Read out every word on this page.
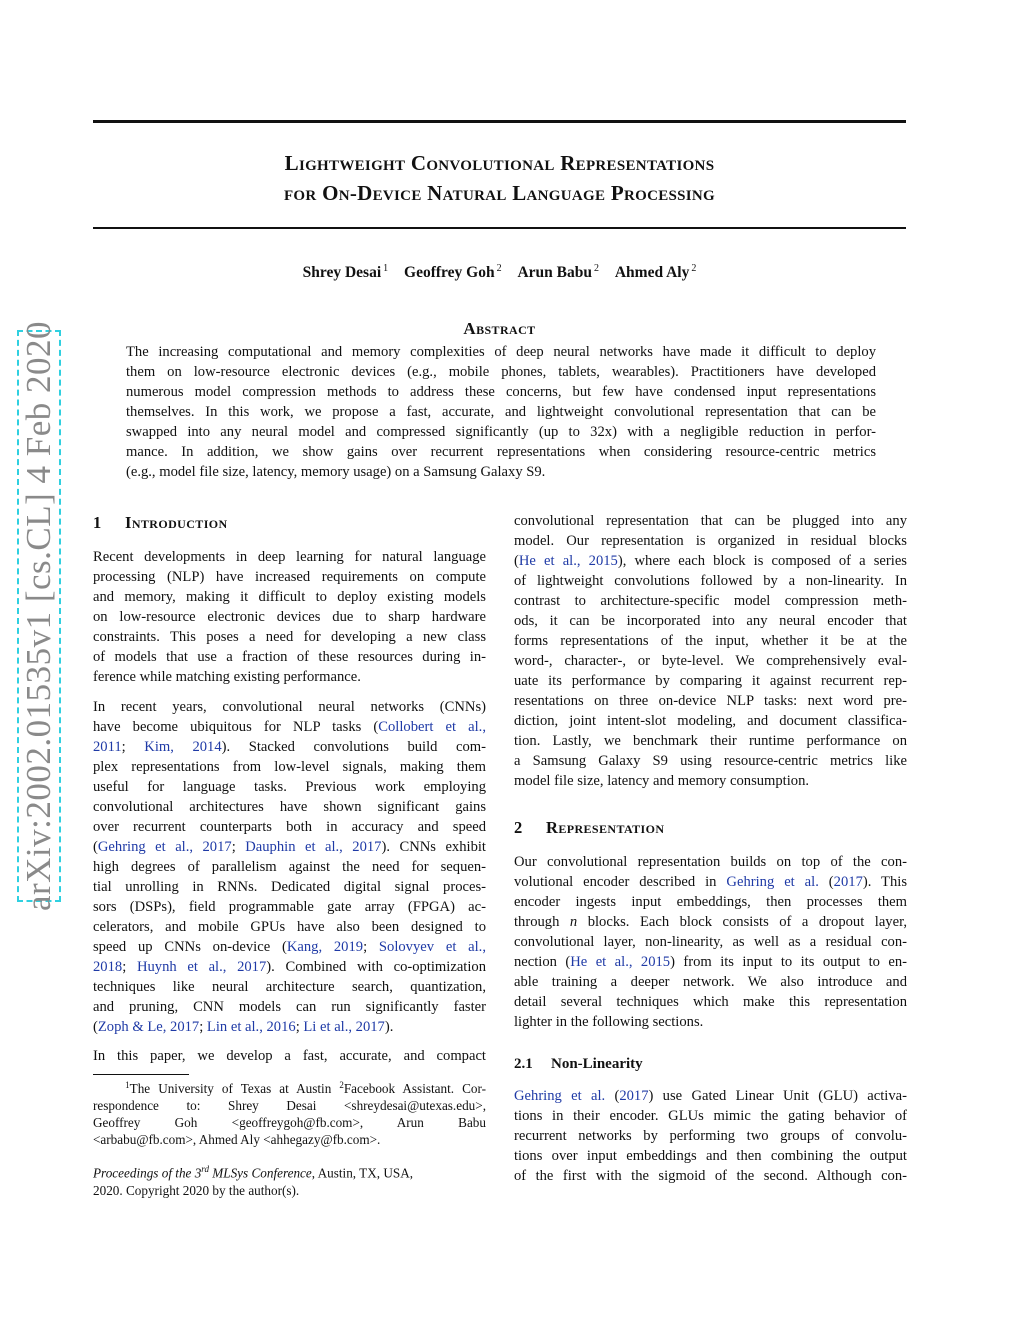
arXiv:2002.01535v1 [cs.CL] 4 Feb 2020
Lightweight Convolutional Representations
for On-Device Natural Language Processing
Shrey Desai $^1$ Geoffrey Goh $^2$ Arun Babu $^2$ Ahmed Aly $^2$
Abstract
The increasing computational and memory complexities of deep neural networks have made it difficult to deploy
them on low-resource electronic devices (e.g., mobile phones, tablets, wearables). Practitioners have developed
numerous model compression methods to address these concerns, but few have condensed input representations
themselves. In this work, we propose a fast, accurate, and lightweight convolutional representation that can be
swapped into any neural model and compressed significantly (up to 32x) with a negligible reduction in perfor-
mance. In addition, we show gains over recurrent representations when considering resource-centric metrics
(e.g., model file size, latency, memory usage) on a Samsung Galaxy S9.
1 Introduction
Recent developments in deep learning for natural language
processing (NLP) have increased requirements on compute
and memory, making it difficult to deploy existing models
on low-resource electronic devices due to sharp hardware
constraints. This poses a need for developing a new class
of models that use a fraction of these resources during in-
ference while matching existing performance.
In recent years, convolutional neural networks (CNNs)
have become ubiquitous for NLP tasks (Collobert et al.,
2011; Kim, 2014). Stacked convolutions build com-
plex representations from low-level signals, making them
useful for language tasks. Previous work employing
convolutional architectures have shown significant gains
over recurrent counterparts both in accuracy and speed
(Gehring et al., 2017; Dauphin et al., 2017). CNNs exhibit
high degrees of parallelism against the need for sequen-
tial unrolling in RNNs. Dedicated digital signal proces-
sors (DSPs), field programmable gate array (FPGA) ac-
celerators, and mobile GPUs have also been designed to
speed up CNNs on-device (Kang, 2019; Solovyev et al.,
2018; Huynh et al., 2017). Combined with co-optimization
techniques like neural architecture search, quantization,
and pruning, CNN models can run significantly faster
(Zoph & Le, 2017; Lin et al., 2016; Li et al., 2017).
In this paper, we develop a fast, accurate, and compact
$^1$The University of Texas at Austin $^2$Facebook Assistant. Cor-
respondence to: Shrey Desai <shreydesai@utexas.edu>,
Geoffrey Goh <geoffreygoh@fb.com>, Arun Babu
<arbabu@fb.com>, Ahmed Aly <ahhegazy@fb.com>.
Proceedings of the 3rd MLSys Conference, Austin, TX, USA,
2020. Copyright 2020 by the author(s).
convolutional representation that can be plugged into any
model. Our representation is organized in residual blocks
(He et al., 2015), where each block is composed of a series
of lightweight convolutions followed by a non-linearity. In
contrast to architecture-specific model compression meth-
ods, it can be incorporated into any neural encoder that
forms representations of the input, whether it be at the
word-, character-, or byte-level. We comprehensively eval-
uate its performance by comparing it against recurrent rep-
resentations on three on-device NLP tasks: next word pre-
diction, joint intent-slot modeling, and document classifica-
tion. Lastly, we benchmark their runtime performance on
a Samsung Galaxy S9 using resource-centric metrics like
model file size, latency and memory consumption.
2 Representation
Our convolutional representation builds on top of the con-
volutional encoder described in Gehring et al. (2017). This
encoder ingests input embeddings, then processes them
through n blocks. Each block consists of a dropout layer,
convolutional layer, non-linearity, as well as a residual con-
nection (He et al., 2015) from its input to its output to en-
able training a deeper network. We also introduce and
detail several techniques which make this representation
lighter in the following sections.
2.1 Non-Linearity
Gehring et al. (2017) use Gated Linear Unit (GLU) activa-
tions in their encoder. GLUs mimic the gating behavior of
recurrent networks by performing two groups of convolu-
tions over input embeddings and then combining the output
of the first with the sigmoid of the second. Although con-
